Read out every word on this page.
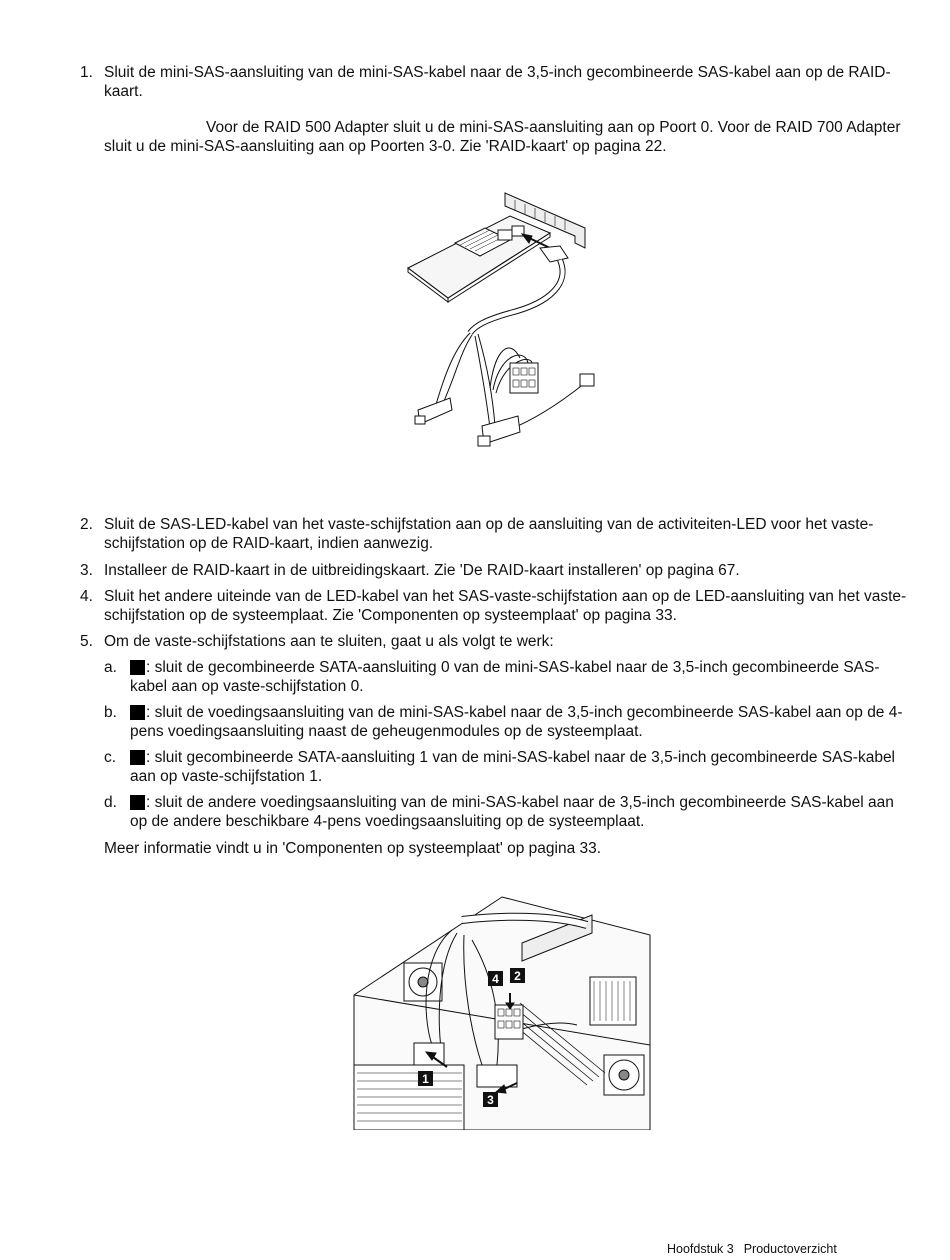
1. Sluit de mini-SAS-aansluiting van de mini-SAS-kabel naar de 3,5-inch gecombineerde SAS-kabel aan op de RAID-kaart.
Voor de RAID 500 Adapter sluit u de mini-SAS-aansluiting aan op Poort 0. Voor de RAID 700 Adapter sluit u de mini-SAS-aansluiting aan op Poorten 3-0. Zie 'RAID-kaart' op pagina 22.
2. Sluit de SAS-LED-kabel van het vaste-schijfstation aan op de aansluiting van de activiteiten-LED voor het vaste-schijfstation op de RAID-kaart, indien aanwezig.
3. Installeer de RAID-kaart in de uitbreidingskaart. Zie 'De RAID-kaart installeren' op pagina 67.
4. Sluit het andere uiteinde van de LED-kabel van het SAS-vaste-schijfstation aan op de LED-aansluiting van het vaste-schijfstation op de systeemplaat. Zie 'Componenten op systeemplaat' op pagina 33.
5. Om de vaste-schijfstations aan te sluiten, gaat u als volgt te werk:
a.	: sluit de gecombineerde SATA-aansluiting 0 van de mini-SAS-kabel naar de 3,5-inch gecombineerde SAS-kabel aan op vaste-schijfstation 0.
b.	: sluit de voedingsaansluiting van de mini-SAS-kabel naar de 3,5-inch gecombineerde SAS-kabel aan op de 4-pens voedingsaansluiting naast de geheugenmodules op de systeemplaat.
c.	: sluit gecombineerde SATA-aansluiting 1 van de mini-SAS-kabel naar de 3,5-inch gecombineerde SAS-kabel aan op vaste-schijfstation 1.
d.	: sluit de andere voedingsaansluiting van de mini-SAS-kabel naar de 3,5-inch gecombineerde SAS-kabel aan op de andere beschikbare 4-pens voedingsaansluiting op de systeemplaat.
Meer informatie vindt u in 'Componenten op systeemplaat' op pagina 33.
4 2
1
3
Hoofdstuk 3 Productoverzicht
